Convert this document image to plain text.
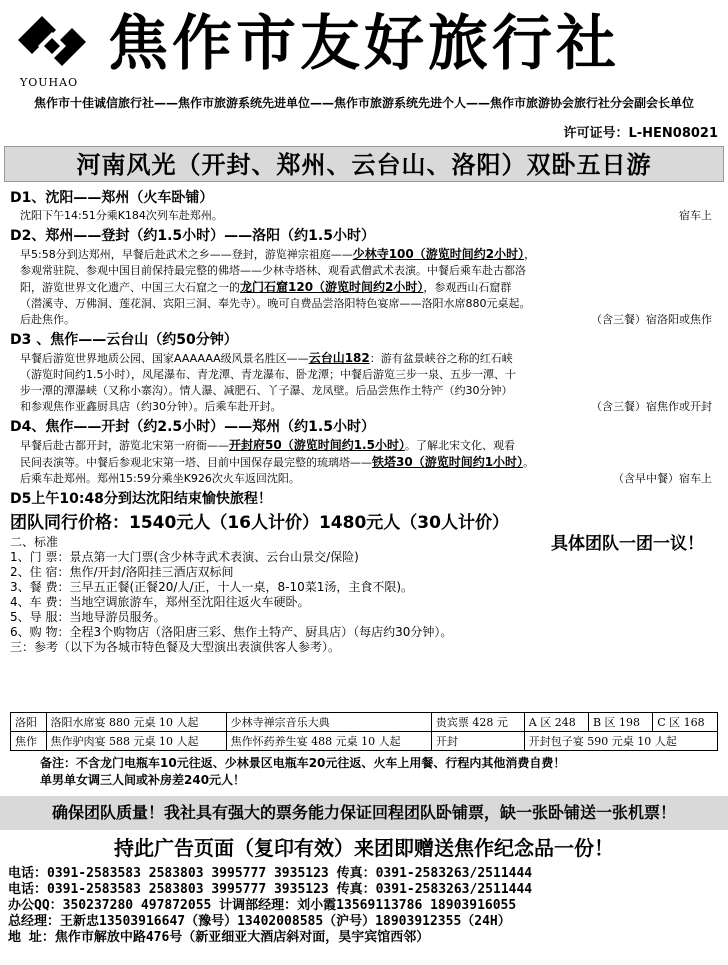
YOUHAO
焦作市友好旅行社
焦作市十佳诚信旅行社——焦作市旅游系统先进单位——焦作市旅游系统先进个人——焦作市旅游协会旅行社分会副会长单位
许可证号：L-HEN08021
河南风光（开封、郑州、云台山、洛阳）双卧五日游
D1、沈阳——郑州（火车卧铺）

沈阳下午14:51分乘K184次列车赴郑州。	宿车上

D2、郑州——登封（约1.5小时）——洛阳（约1.5小时）

早5:58分到达郑州，早餐后赴武术之乡——登封，游览禅宗祖庭——少林寺100（游览时间约2小时），

参观常驻院、参观中国目前保持最完整的佛塔——少林寺塔林、观看武僧武术表演。中餐后乘车赴古都洛

阳，游览世界文化遗产、中国三大石窟之一的龙门石窟120（游览时间约2小时），参观西山石窟群

（潜溪寺、万佛洞、莲花洞、宾阳三洞、奉先寺）。晚可自费品尝洛阳特色宴席——洛阳水席880元桌起。

后赴焦作。	（含三餐）宿洛阳或焦作

D3 、焦作——云台山（约50分钟）

早餐后游览世界地质公园、国家AAAAAA级风景名胜区——云台山182：游有盆景峡谷之称的红石峡

（游览时间约1.5小时），凤尾瀑布、青龙潭、青龙瀑布、卧龙潭；中餐后游览三步一泉、五步一潭、十

步一潭的潭瀑峡（又称小寨沟）。情人瀑、减肥石、丫子瀑、龙凤壁。后品尝焦作土特产（约30分钟）

和参观焦作亚鑫厨具店（约30分钟）。后乘车赴开封。	（含三餐）宿焦作或开封

D4、焦作——开封（约2.5小时）——郑州（约1.5小时）

早餐后赴古都开封，游览北宋第一府衙——开封府50（游览时间约1.5小时）。了解北宋文化、观看

民间表演等。中餐后参观北宋第一塔、目前中国保存最完整的琉璃塔——铁塔30（游览时间约1小时）。

后乘车赴郑州。郑州15:59分乘坐K926次火车返回沈阳。	（含早中餐）宿车上

D5上午10:48分到达沈阳结束愉快旅程！
团队同行价格：1540元人（16人计价）1480元人（30人计价）
具体团队一团一议！
二、标准
1、门 票：景点第一大门票(含少林寺武术表演、云台山景交/保险)
2、住 宿：焦作/开封/洛阳挂三酒店双标间
3、餐 费：三早五正餐(正餐20/人/正，十人一桌，8-10菜1汤，主食不限)。
4、车 费：当地空调旅游车，郑州至沈阳往返火车硬卧。
5、导 服：当地导游员服务。
6、购 物：全程3个购物店（洛阳唐三彩、焦作土特产、厨具店）（每店约30分钟）。
三：参考（以下为各城市特色餐及大型演出表演供客人参考）。
洛阳	洛阳水席宴 880 元桌 10 人起	少林寺禅宗音乐大典	贵宾票 428 元	A 区 248	B 区 198	C 区 168
焦作	焦作驴肉宴 588 元桌 10 人起	焦作怀药养生宴 488 元桌 10 人起	开封	开封包子宴 590 元桌 10 人起		
备注：不含龙门电瓶车10元往返、少林景区电瓶车20元往返、火车上用餐、行程内其他消费自费！
单男单女调三人间或补房差240元人！
确保团队质量！我社具有强大的票务能力保证回程团队卧铺票，缺一张卧铺送一张机票！
持此广告页面（复印有效）来团即赠送焦作纪念品一份！
电话：0391-2583583 2583803 3995777 3935123 传真：0391-2583263/2511444
电话：0391-2583583 2583803 3995777 3935123 传真：0391-2583263/2511444
办公QQ：350237280 497872055 计调部经理：刘小霞13569113786 18903916055
总经理：王新忠13503916647（豫号）13402008585（沪号）18903912355（24H）
地 址：焦作市解放中路476号（新亚细亚大酒店斜对面，昊宇宾馆西邻）
